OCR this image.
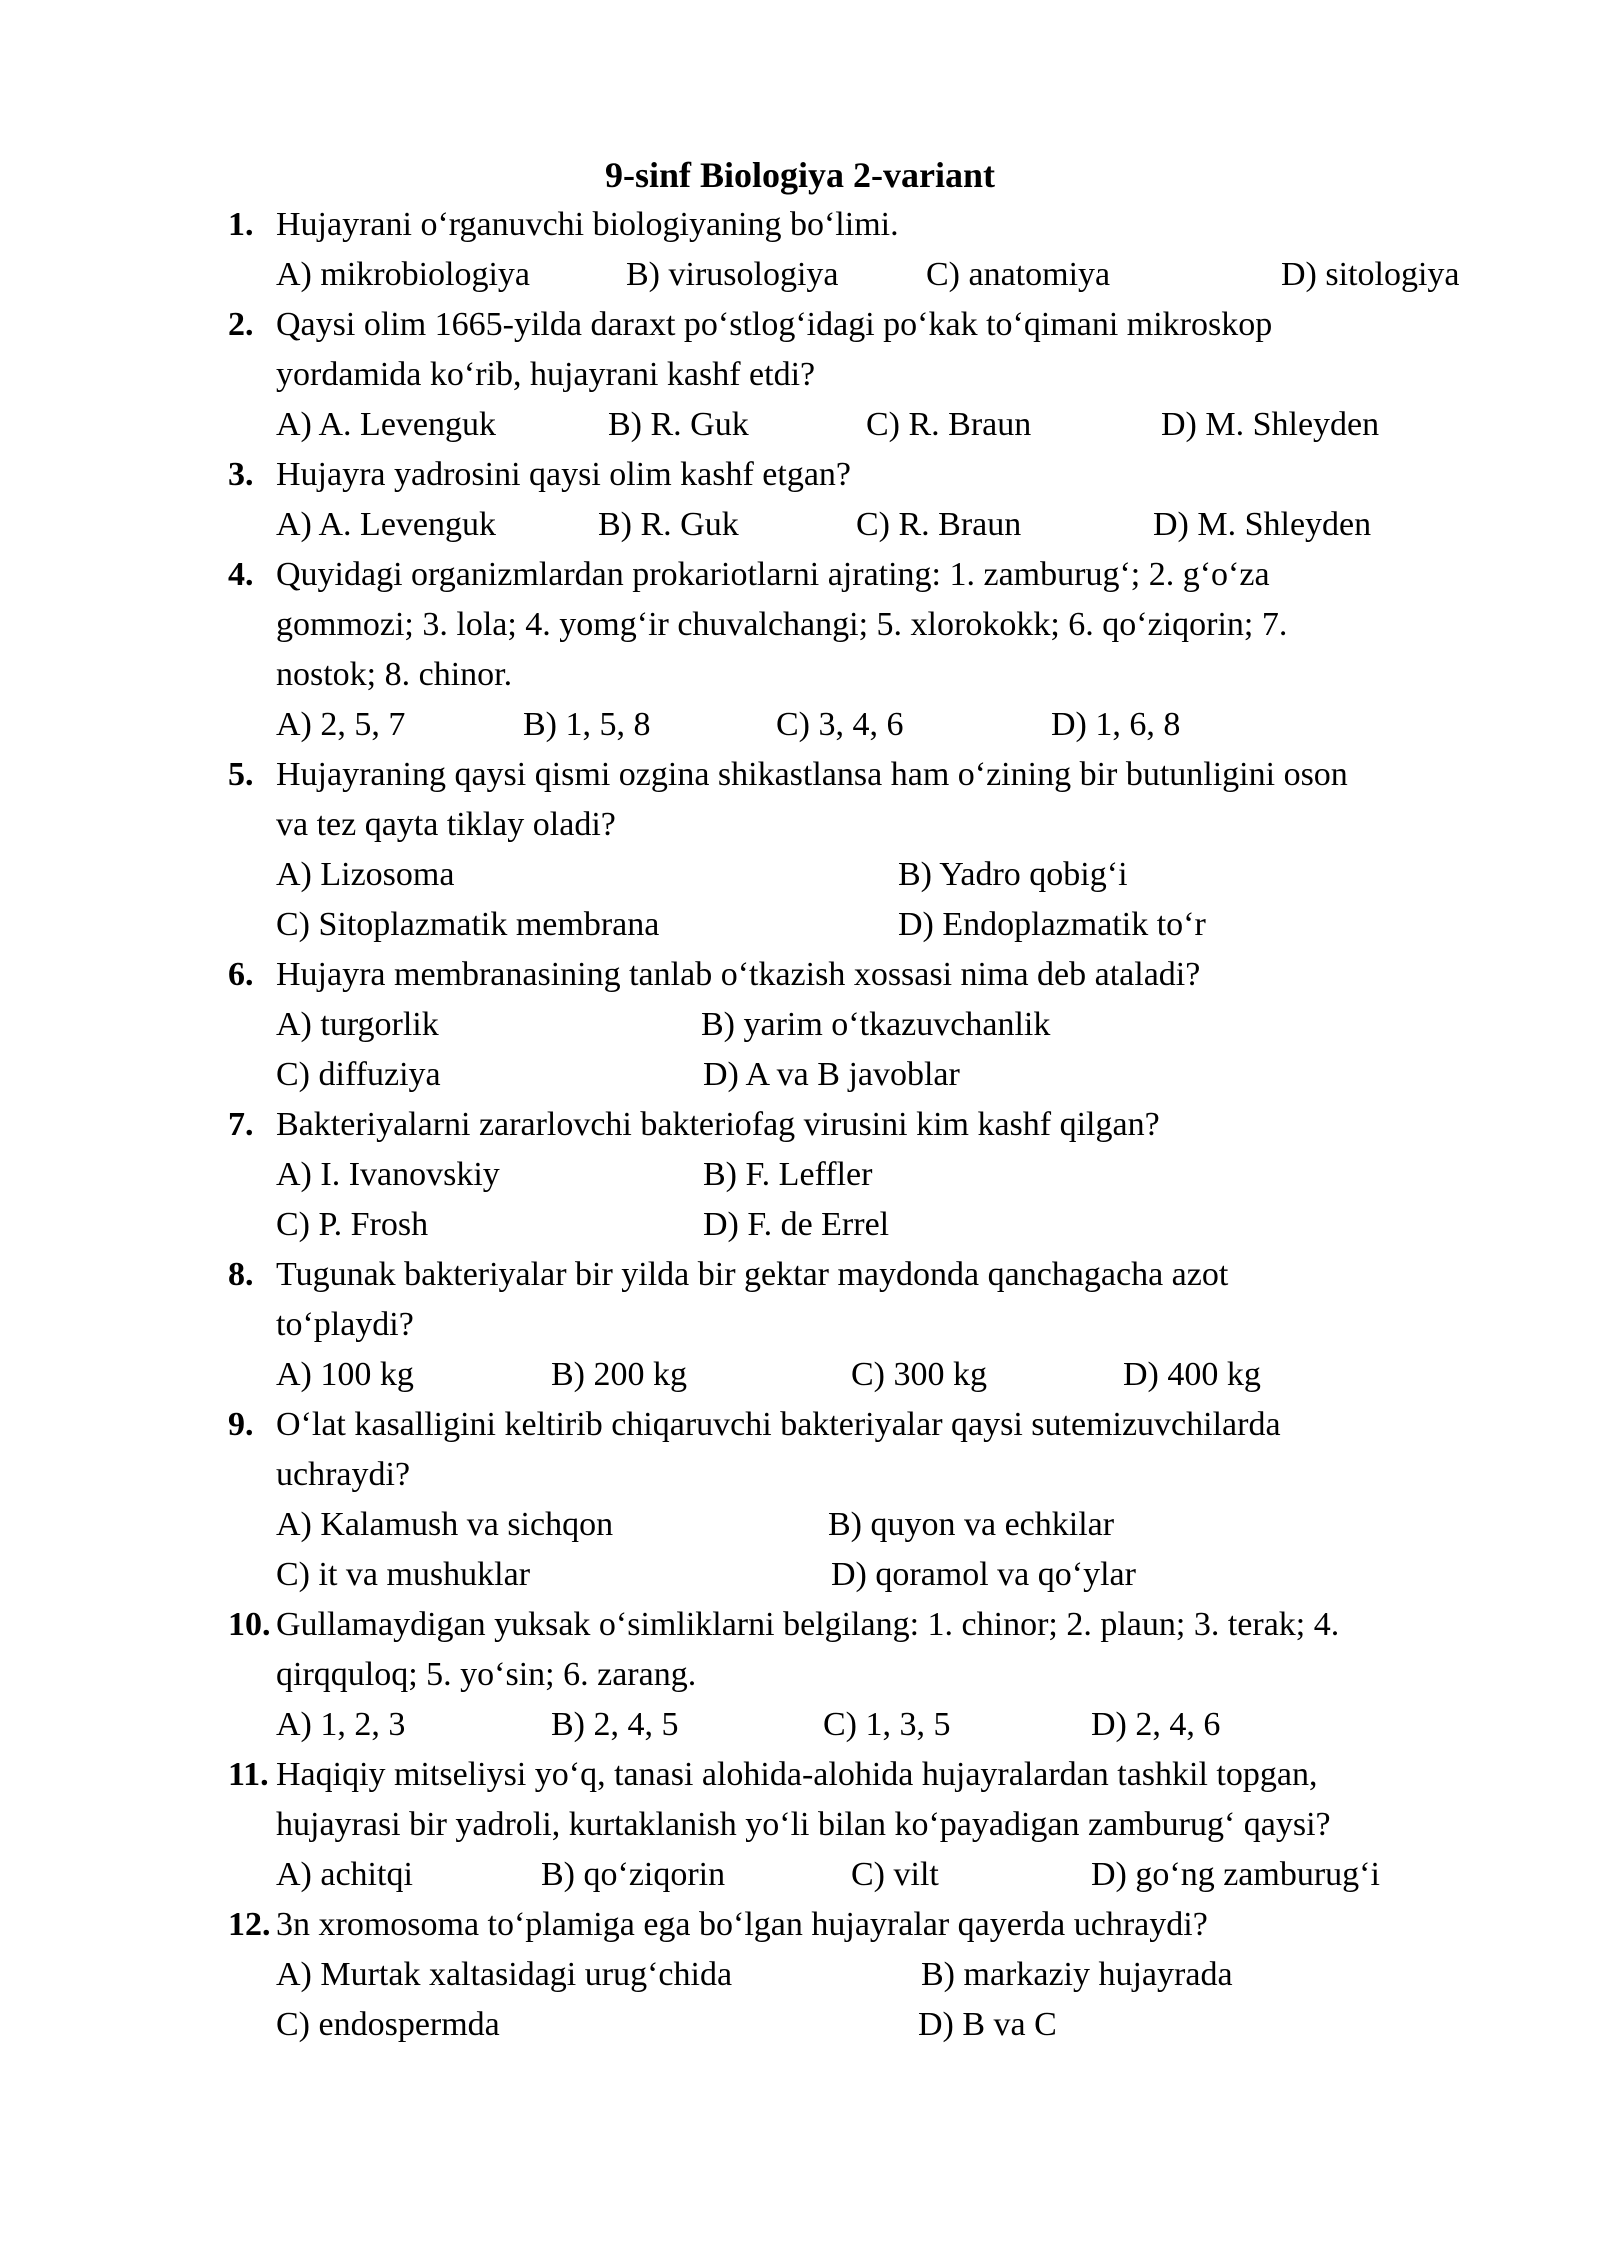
9-sinf Biologiya 2-variant
1. Hujayrani o‘rganuvchi biologiyaning bo‘limi.
A) mikrobiologiya	B) virusologiya	C) anatomiya	D) sitologiya
2. Qaysi olim 1665-yilda daraxt po‘stlog‘idagi po‘kak to‘qimani mikroskop
yordamida ko‘rib, hujayrani kashf etdi?
A) A. Levenguk	B) R. Guk	C) R. Braun	D) M. Shleyden
3. Hujayra yadrosini qaysi olim kashf etgan?
A) A. Levenguk	B) R. Guk	C) R. Braun	D) M. Shleyden
4. Quyidagi organizmlardan prokariotlarni ajrating: 1. zamburug‘; 2. g‘o‘za
gommozi; 3. lola; 4. yomg‘ir chuvalchangi; 5. xlorokokk; 6. qo‘ziqorin; 7.
nostok; 8. chinor.
A) 2, 5, 7	B) 1, 5, 8	C) 3, 4, 6	D) 1, 6, 8
5. Hujayraning qaysi qismi ozgina shikastlansa ham o‘zining bir butunligini oson
va tez qayta tiklay oladi?
A) Lizosoma	B) Yadro qobig‘i
C) Sitoplazmatik membrana	D) Endoplazmatik to‘r
6. Hujayra membranasining tanlab o‘tkazish xossasi nima deb ataladi?
A) turgorlik	B) yarim o‘tkazuvchanlik
C) diffuziya	D) A va B javoblar
7. Bakteriyalarni zararlovchi bakteriofag virusini kim kashf qilgan?
A) I. Ivanovskiy	B) F. Leffler
C) P. Frosh	D) F. de Errel
8. Tugunak bakteriyalar bir yilda bir gektar maydonda qanchagacha azot
to‘playdi?
A) 100 kg	B) 200 kg	C) 300 kg	D) 400 kg
9. O‘lat kasalligini keltirib chiqaruvchi bakteriyalar qaysi sutemizuvchilarda
uchraydi?
A) Kalamush va sichqon	B) quyon va echkilar
C) it va mushuklar	D) qoramol va qo‘ylar
10. Gullamaydigan yuksak o‘simliklarni belgilang: 1. chinor; 2. plaun; 3. terak; 4.
qirqquloq; 5. yo‘sin; 6. zarang.
A) 1, 2, 3	B) 2, 4, 5	C) 1, 3, 5	D) 2, 4, 6
11. Haqiqiy mitseliysi yo‘q, tanasi alohida-alohida hujayralardan tashkil topgan,
hujayrasi bir yadroli, kurtaklanish yo‘li bilan ko‘payadigan zamburug‘ qaysi?
A) achitqi	B) qo‘ziqorin	C) vilt	D) go‘ng zamburug‘i
12. 3n xromosoma to‘plamiga ega bo‘lgan hujayralar qayerda uchraydi?
A) Murtak xaltasidagi urug‘chida	B) markaziy hujayrada
C) endospermda	D) B va C
